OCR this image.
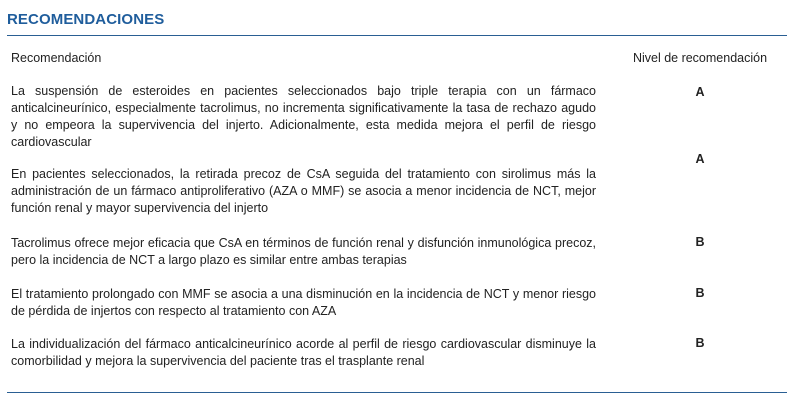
RECOMENDACIONES
Recomendación	Nivel de recomendación
La suspensión de esteroides en pacientes seleccionados bajo triple terapia con un fármaco anticalcineurínico, especialmente tacrolimus, no incrementa significativamente la tasa de rechazo agudo y no empeora la supervivencia del injerto. Adicionalmente, esta medida mejora el perfil de riesgo cardiovascular
A
En pacientes seleccionados, la retirada precoz de CsA seguida del tratamiento con sirolimus más la administración de un fármaco antiproliferativo (AZA o MMF) se asocia a menor incidencia de NCT, mejor función renal y mayor supervivencia del injerto
A
Tacrolimus ofrece mejor eficacia que CsA en términos de función renal y disfunción inmunológica precoz, pero la incidencia de NCT a largo plazo es similar entre ambas terapias
B
El tratamiento prolongado con MMF se asocia a una disminución en la incidencia de NCT y menor riesgo de pérdida de injertos con respecto al tratamiento con AZA
B
La individualización del fármaco anticalcineurínico acorde al perfil de riesgo cardiovascular disminuye la comorbilidad y mejora la supervivencia del paciente tras el trasplante renal
B
